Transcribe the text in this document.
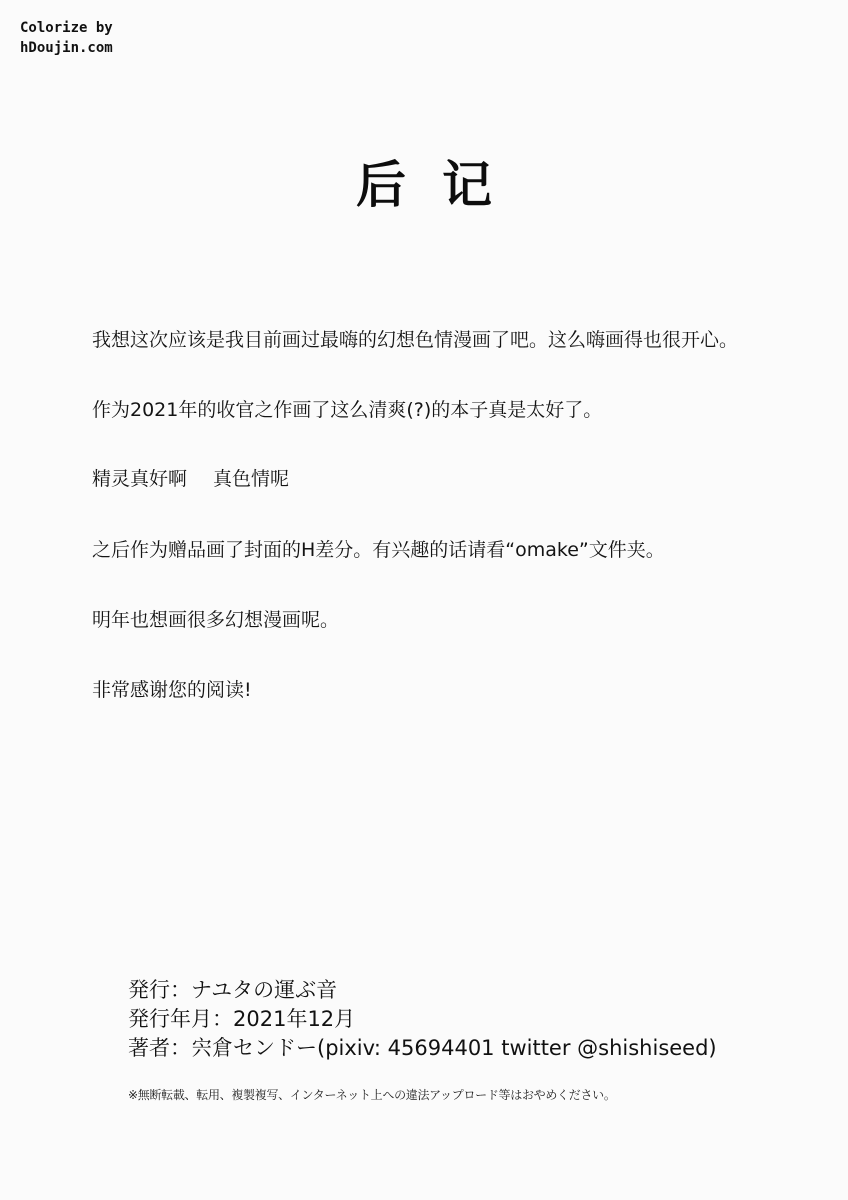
Colorize by
hDoujin.com
后记
我想这次应该是我目前画过最嗨的幻想色情漫画了吧。这么嗨画得也很开心。
作为2021年的收官之作画了这么清爽(?)的本子真是太好了。
精灵真好啊 真色情呢
之后作为赠品画了封面的H差分。有兴趣的话请看“omake”文件夹。
明年也想画很多幻想漫画呢。
非常感谢您的阅读!
発行：ナユタの運ぶ音
発行年月：2021年12月
著者：宍倉センドー(pixiv: 45694401 twitter @shishiseed)
※無断転載、転用、複製複写、インターネット上への違法アップロード等はおやめください。
